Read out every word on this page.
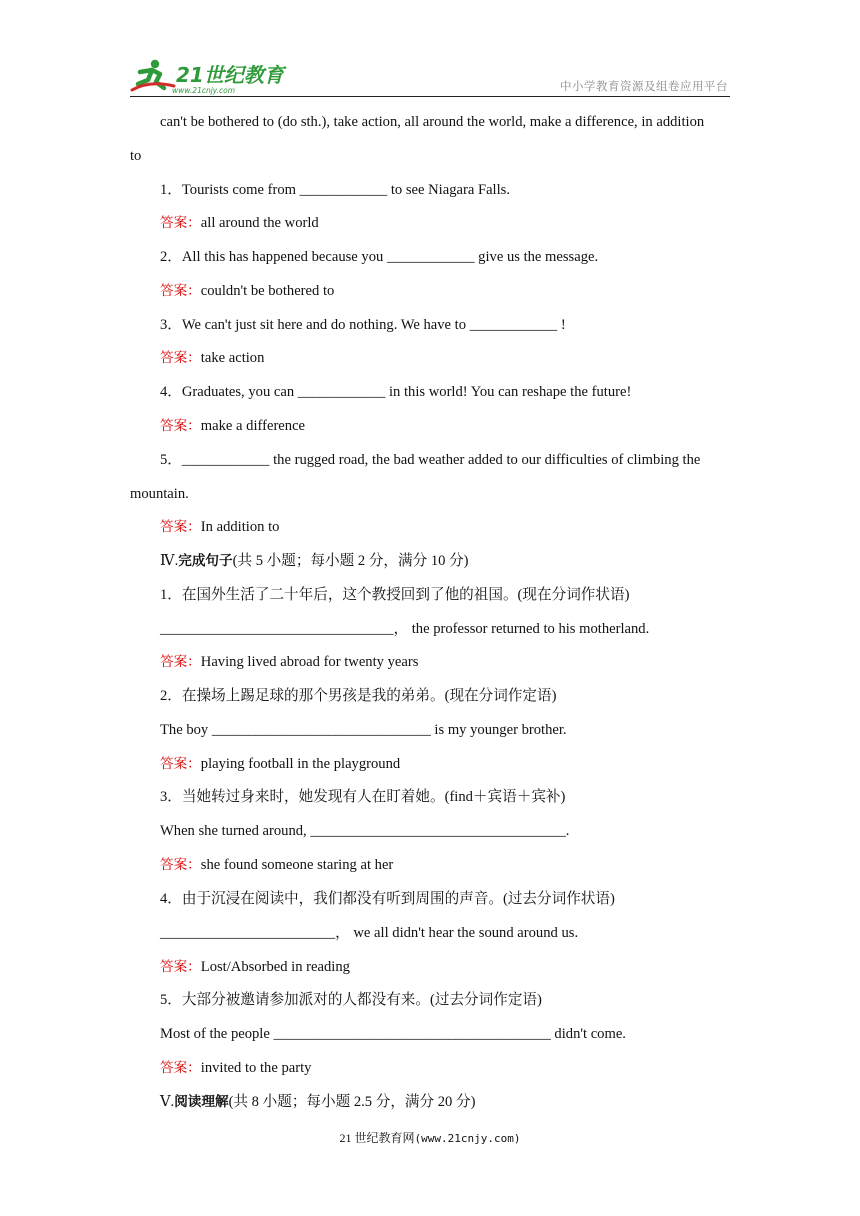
21世纪教育
www.21cnjy.com	中小学教育资源及组卷应用平台
can't be bothered to (do sth.), take action, all around the world, make a difference, in addition
to
1．Tourists come from ____________ to see Niagara Falls.
答案：all around the world
2．All this has happened because you ____________ give us the message.
答案：couldn't be bothered to
3．We can't just sit here and do nothing. We have to ____________ !
答案：take action
4．Graduates, you can ____________ in this world! You can reshape the future!
答案：make a difference
5．____________ the rugged road, the bad weather added to our difficulties of climbing the
mountain.
答案：In addition to
Ⅳ.完成句子(共 5 小题；每小题 2 分，满分 10 分)
1．在国外生活了二十年后，这个教授回到了他的祖国。(现在分词作状语)
________________________________， the professor returned to his motherland.
答案：Having lived abroad for twenty years
2．在操场上踢足球的那个男孩是我的弟弟。(现在分词作定语)
The boy ______________________________ is my younger brother.
答案：playing football in the playground
3．当她转过身来时，她发现有人在盯着她。(find＋宾语＋宾补)
When she turned around, ___________________________________.
答案：she found someone staring at her
4．由于沉浸在阅读中，我们都没有听到周围的声音。(过去分词作状语)
________________________， we all didn't hear the sound around us.
答案：Lost/Absorbed in reading
5．大部分被邀请参加派对的人都没有来。(过去分词作定语)
Most of the people ______________________________________ didn't come.
答案：invited to the party
Ⅴ.阅读理解(共 8 小题；每小题 2.5 分，满分 20 分)
21 世纪教育网(www.21cnjy.com)
